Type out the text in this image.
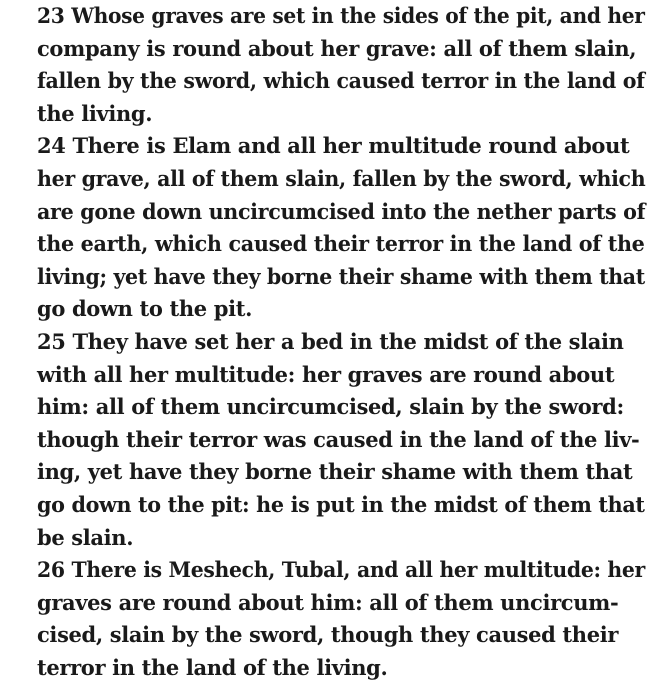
23 Whose graves are set in the sides of the pit, and her
company is round about her grave: all of them slain,
fallen by the sword, which caused terror in the land of
the living.
24 There is Elam and all her multitude round about
her grave, all of them slain, fallen by the sword, which
are gone down uncircumcised into the nether parts of
the earth, which caused their terror in the land of the
living; yet have they borne their shame with them that
go down to the pit.
25 They have set her a bed in the midst of the slain
with all her multitude: her graves are round about
him: all of them uncircumcised, slain by the sword:
though their terror was caused in the land of the liv-
ing, yet have they borne their shame with them that
go down to the pit: he is put in the midst of them that
be slain.
26 There is Meshech, Tubal, and all her multitude: her
graves are round about him: all of them uncircum-
cised, slain by the sword, though they caused their
terror in the land of the living.
